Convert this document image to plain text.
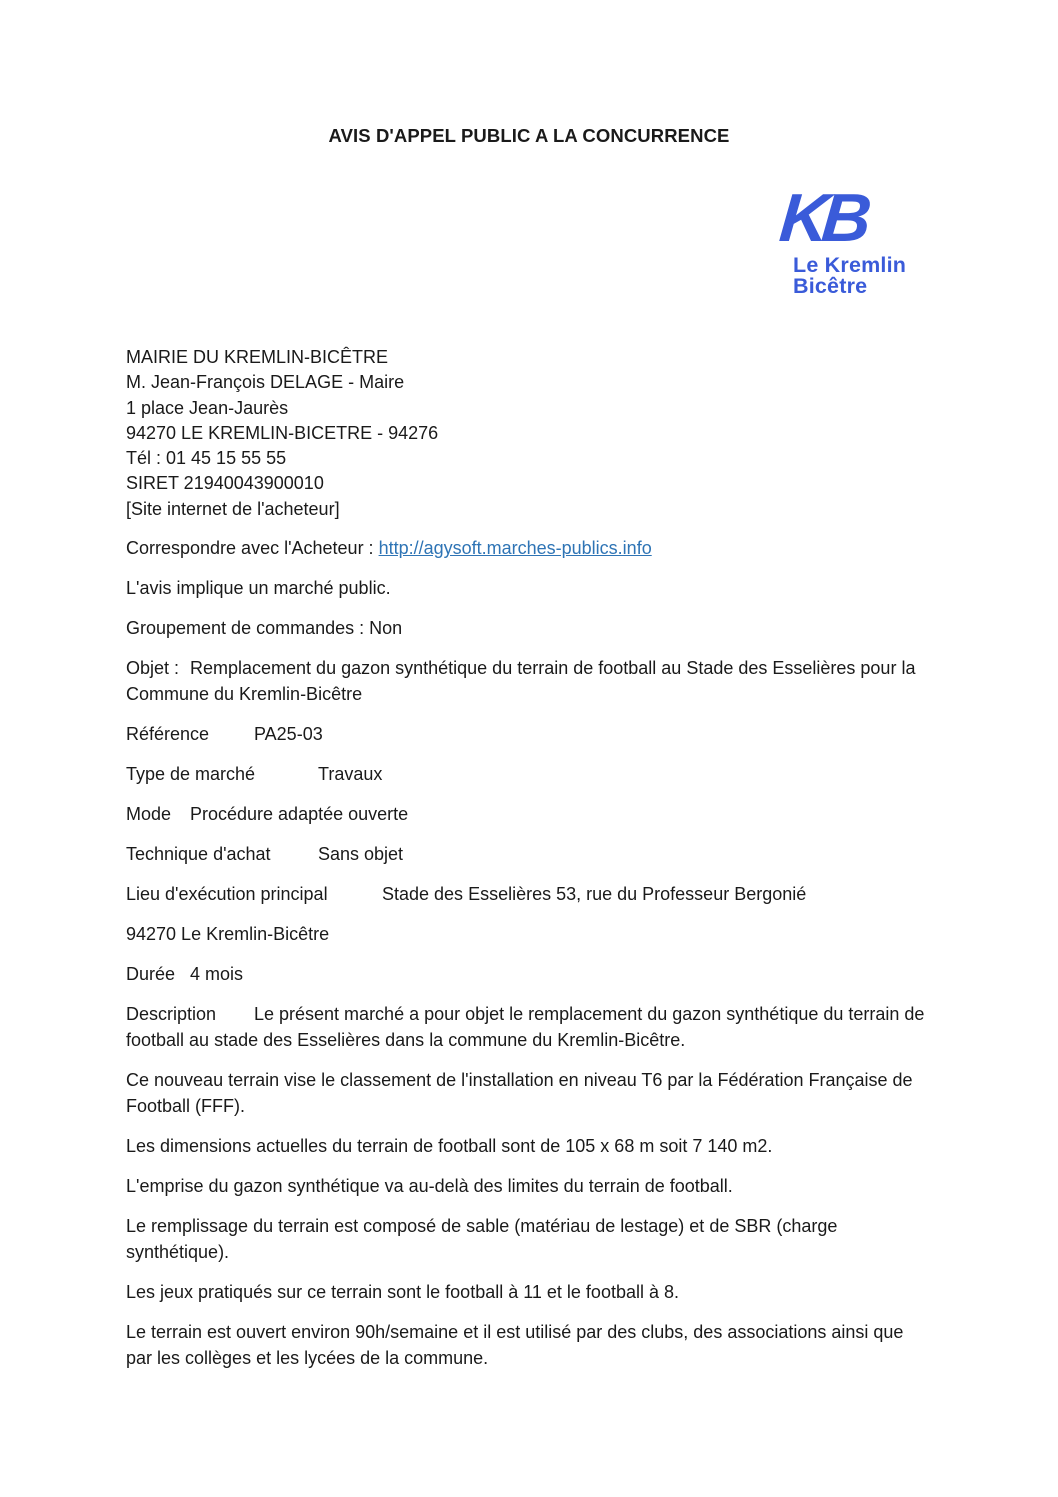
AVIS D'APPEL PUBLIC A LA CONCURRENCE
KB
Le Kremlin
Bicêtre
MAIRIE DU KREMLIN-BICÊTRE
M. Jean-François DELAGE - Maire
1 place Jean-Jaurès
94270 LE KREMLIN-BICETRE - 94276
Tél : 01 45 15 55 55
SIRET 21940043900010
[Site internet de l'acheteur]

Correspondre avec l'Acheteur : http://agysoft.marches-publics.info

L'avis implique un marché public.

Groupement de commandes : Non

Objet : Remplacement du gazon synthétique du terrain de football au Stade des Esselières pour la Commune du Kremlin-Bicêtre

Référence PA25-03

Type de marché	Travaux

Mode Procédure adaptée ouverte

Technique d'achat	Sans objet

Lieu d'exécution principal	Stade des Esselières 53, rue du Professeur Bergonié

94270 Le Kremlin-Bicêtre

Durée 4 mois

Description Le présent marché a pour objet le remplacement du gazon synthétique du terrain de football au stade des Esselières dans la commune du Kremlin-Bicêtre.

Ce nouveau terrain vise le classement de l'installation en niveau T6 par la Fédération Française de Football (FFF).

Les dimensions actuelles du terrain de football sont de 105 x 68 m soit 7 140 m2.

L'emprise du gazon synthétique va au-delà des limites du terrain de football.

Le remplissage du terrain est composé de sable (matériau de lestage) et de SBR (charge synthétique).

Les jeux pratiqués sur ce terrain sont le football à 11 et le football à 8.

Le terrain est ouvert environ 90h/semaine et il est utilisé par des clubs, des associations ainsi que par les collèges et les lycées de la commune.
